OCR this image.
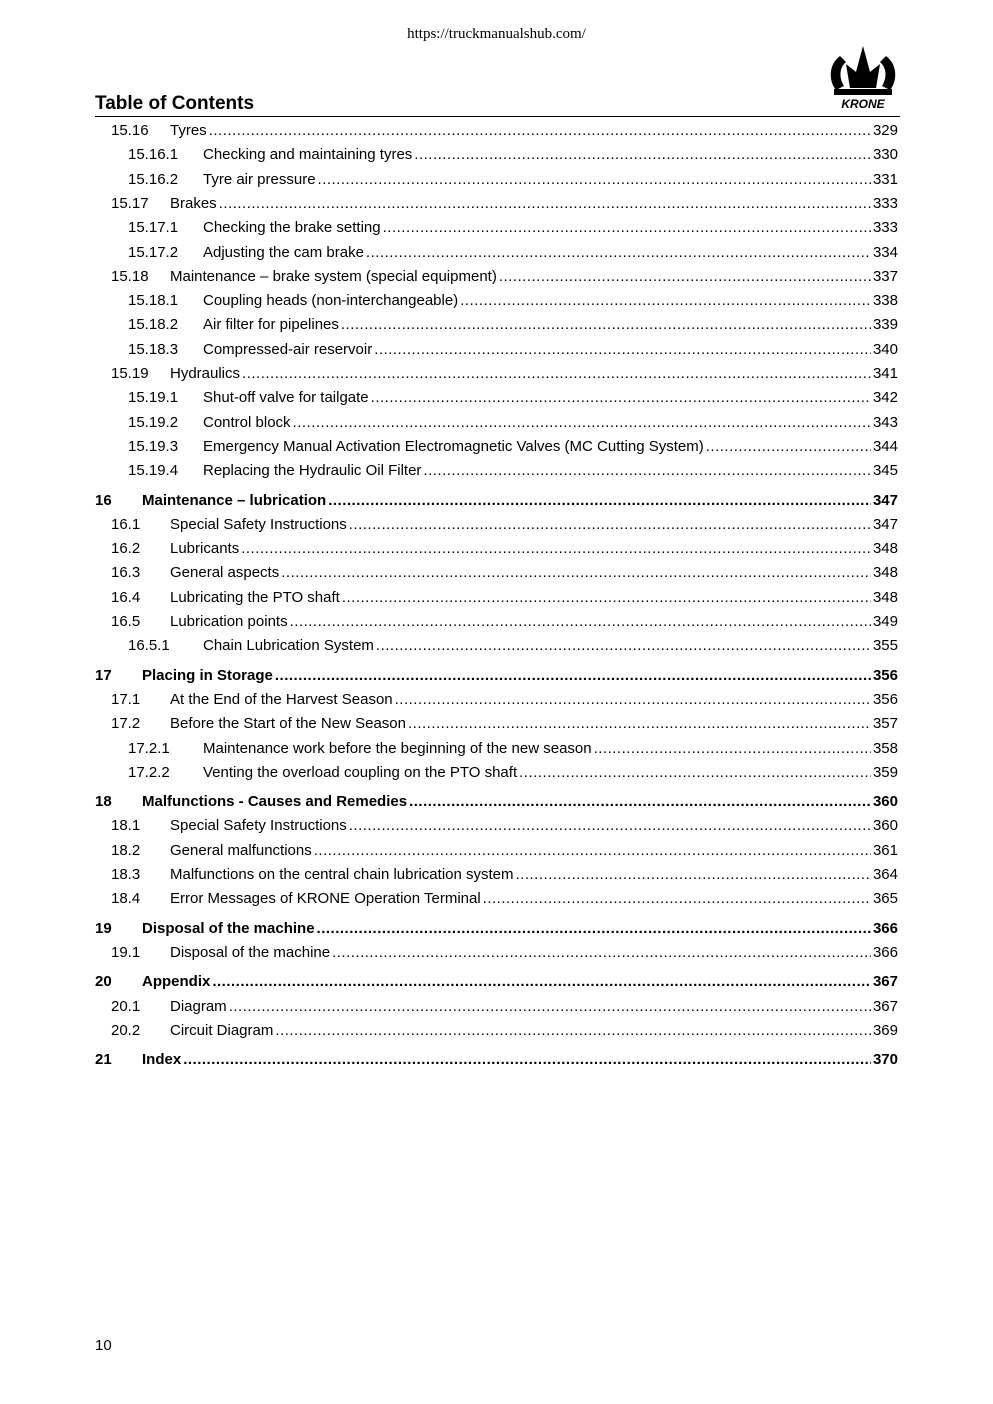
https://truckmanualshub.com/
Table of Contents	KRONE
15.16	Tyres .....	329
15.16.1	Checking and maintaining tyres .....	330
15.16.2	Tyre air pressure .....	331
15.17	Brakes .....	333
15.17.1	Checking the brake setting .....	333
15.17.2	Adjusting the cam brake .....	334
15.18	Maintenance – brake system (special equipment) .....	337
15.18.1	Coupling heads (non-interchangeable) .....	338
15.18.2	Air filter for pipelines .....	339
15.18.3	Compressed-air reservoir .....	340
15.19	Hydraulics .....	341
15.19.1	Shut-off valve for tailgate .....	342
15.19.2	Control block .....	343
15.19.3	Emergency Manual Activation Electromagnetic Valves (MC Cutting System) .....	344
15.19.4	Replacing the Hydraulic Oil Filter .....	345
16	Maintenance – lubrication .....	347
16.1	Special Safety Instructions .....	347
16.2	Lubricants .....	348
16.3	General aspects .....	348
16.4	Lubricating the PTO shaft .....	348
16.5	Lubrication points .....	349
16.5.1	Chain Lubrication System .....	355
17	Placing in Storage .....	356
17.1	At the End of the Harvest Season .....	356
17.2	Before the Start of the New Season .....	357
17.2.1	Maintenance work before the beginning of the new season .....	358
17.2.2	Venting the overload coupling on the PTO shaft .....	359
18	Malfunctions - Causes and Remedies .....	360
18.1	Special Safety Instructions .....	360
18.2	General malfunctions .....	361
18.3	Malfunctions on the central chain lubrication system .....	364
18.4	Error Messages of KRONE Operation Terminal .....	365
19	Disposal of the machine .....	366
19.1	Disposal of the machine .....	366
20	Appendix .....	367
20.1	Diagram .....	367
20.2	Circuit Diagram .....	369
21	Index .....	370
10
